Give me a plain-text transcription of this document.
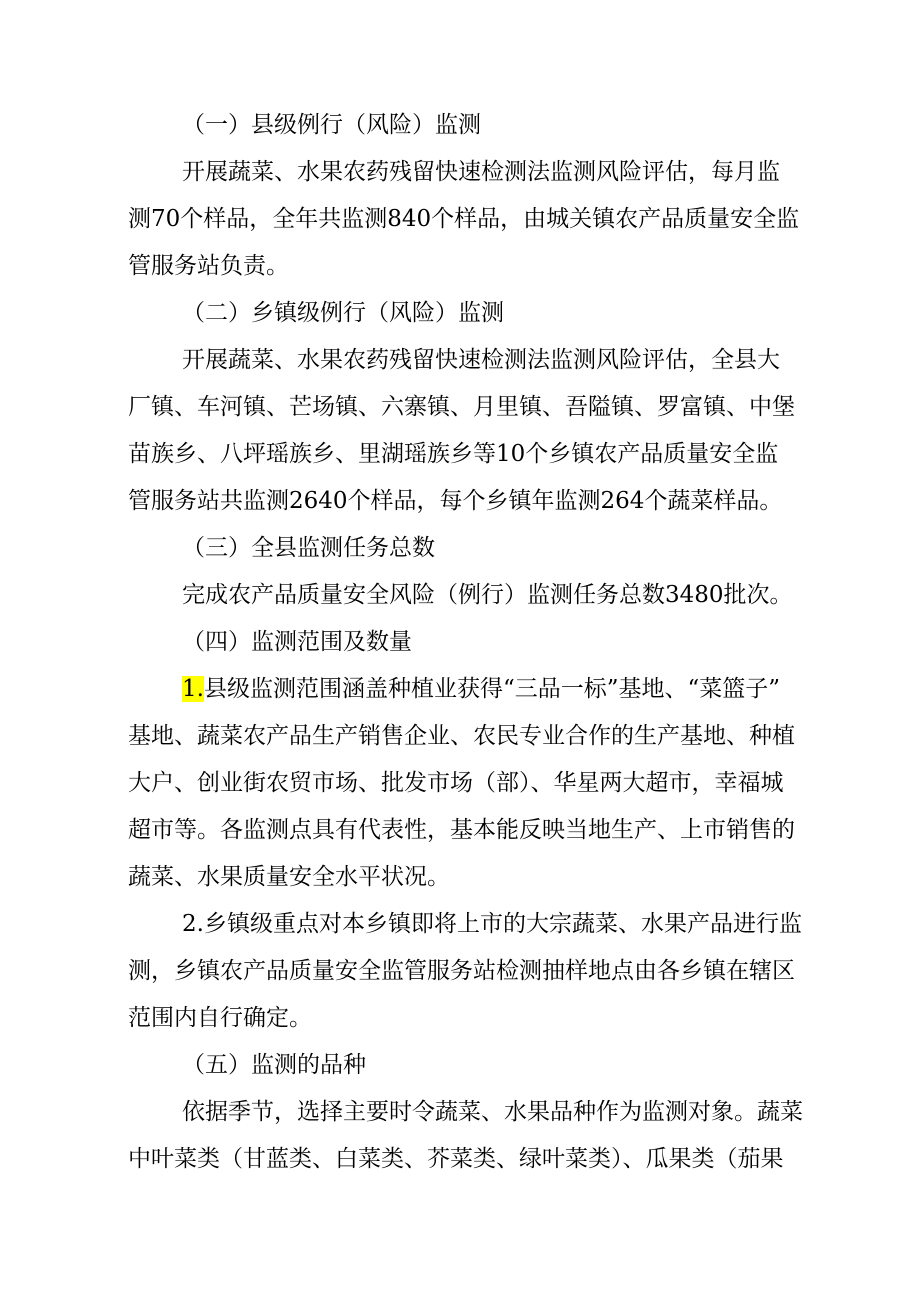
（一）县级例行（风险）监测
开展蔬菜、水果农药残留快速检测法监测风险评估，每月监
测70个样品，全年共监测840个样品，由城关镇农产品质量安全监
管服务站负责。
（二）乡镇级例行（风险）监测
开展蔬菜、水果农药残留快速检测法监测风险评估，全县大
厂镇、车河镇、芒场镇、六寨镇、月里镇、吾隘镇、罗富镇、中堡
苗族乡、八坪瑶族乡、里湖瑶族乡等10个乡镇农产品质量安全监
管服务站共监测2640个样品，每个乡镇年监测264个蔬菜样品。
（三）全县监测任务总数
完成农产品质量安全风险（例行）监测任务总数3480批次。
（四）监测范围及数量
1.县级监测范围涵盖种植业获得“三品一标”基地、“菜篮子”
基地、蔬菜农产品生产销售企业、农民专业合作的生产基地、种植
大户、创业街农贸市场、批发市场（部）、华星两大超市，幸福城
超市等。各监测点具有代表性，基本能反映当地生产、上市销售的
蔬菜、水果质量安全水平状况。
2.乡镇级重点对本乡镇即将上市的大宗蔬菜、水果产品进行监
测，乡镇农产品质量安全监管服务站检测抽样地点由各乡镇在辖区
范围内自行确定。
（五）监测的品种
依据季节，选择主要时令蔬菜、水果品种作为监测对象。蔬菜
中叶菜类（甘蓝类、白菜类、芥菜类、绿叶菜类）、瓜果类（茄果
